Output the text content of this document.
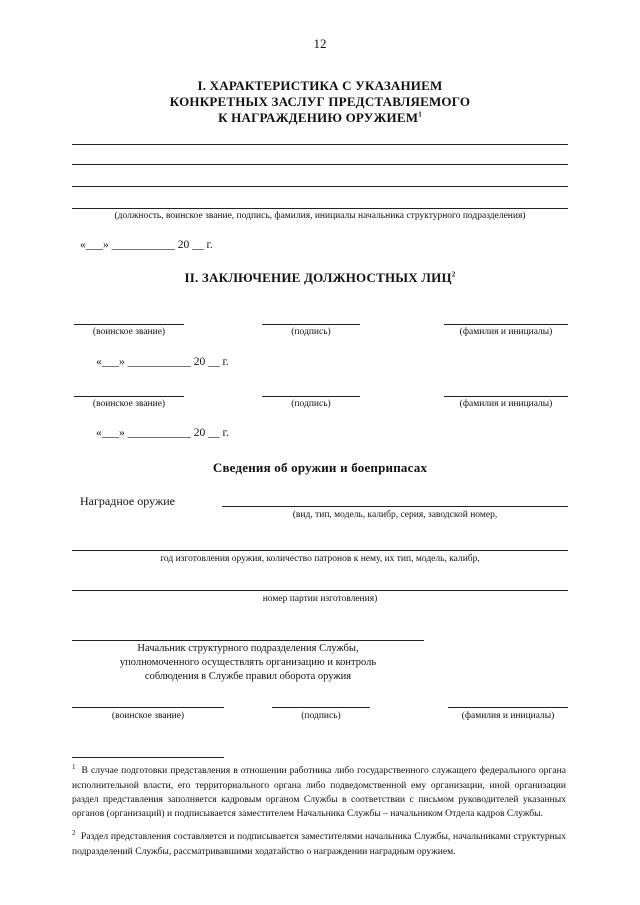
12
I. ХАРАКТЕРИСТИКА С УКАЗАНИЕМ
КОНКРЕТНЫХ ЗАСЛУГ ПРЕДСТАВЛЯЕМОГО
К НАГРАЖДЕНИЮ ОРУЖИЕМ$^1$
(должность, воинское звание, подпись, фамилия, инициалы начальника структурного подразделения)
«___» ___________ 20 __ г.
II. ЗАКЛЮЧЕНИЕ ДОЛЖНОСТНЫХ ЛИЦ$^2$
(воинское звание)	(подпись)	(фамилия и инициалы)
«___» ___________ 20 __ г.
(воинское звание)	(подпись)	(фамилия и инициалы)
«___» ___________ 20 __ г.
Сведения об оружии и боеприпасах
Наградное оружие
(вид, тип, модель, калибр, серия, заводской номер,
год изготовления оружия, количество патронов к нему, их тип, модель, калибр,
номер партии изготовления)
Начальник структурного подразделения Службы,
уполномоченного осуществлять организацию и контроль
соблюдения в Службе правил оборота оружия
(воинское звание)	(подпись)	(фамилия и инициалы)
$^1$ В случае подготовки представления в отношении работника либо государственного служащего федерального органа исполнительной власти, его территориального органа либо подведомственной ему организации, иной организации раздел представления заполняется кадровым органом Службы в соответствии с письмом руководителей указанных органов (организаций) и подписывается заместителем Начальника Службы – начальником Отдела кадров Службы.
$^2$ Раздел представления составляется и подписывается заместителями начальника Службы, начальниками структурных подразделений Службы, рассматривавшими ходатайство о награждении наградным оружием.
